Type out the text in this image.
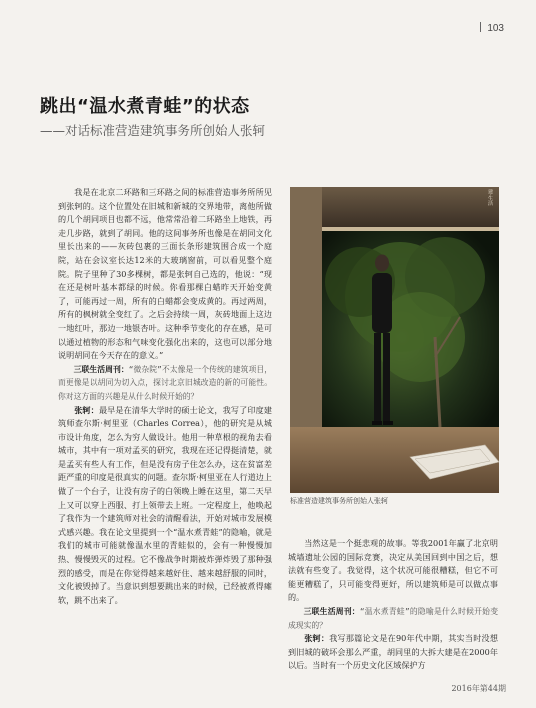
103
跳出“温水煮青蛙”的状态
——对话标准营造建筑事务所创始人张轲

我是在北京二环路和三环路之间的标准营造事务所所见到张轲的。这个位置处在旧城和新城的交界地带，离他所做的几个胡同项目也都不远，他常常沿着二环路坐上地铁，再走几步路，就到了胡同。他的这间事务所也像是在胡同文化里长出来的——灰砖包裹的三面长条形建筑围合成一个庭院，站在会议室长达12米的大玻璃窗前，可以看见整个庭院。院子里种了30多棵树，都是张轲自己选的，他说：“现在还是树叶基本都绿的时候。你看那棵白蜡昨天开始变黄了，可能再过一周，所有的白蜡都会变成黄的。再过两周，所有的枫树就全变红了。之后会持续一周，灰砖地面上这边一地红叶，那边一地银杏叶。这种季节变化的存在感，是可以通过植物的形态和气味变化强化出来的，这也可以部分地说明胡同在今天存在的意义。”

三联生活周刊：“微杂院”不太像是一个传统的建筑项目，而更像是以胡同为切入点，探讨北京旧城改造的新的可能性。你对这方面的兴趣是从什么时候开始的？

张轲：最早是在清华大学时的硕士论文，我写了印度建筑师查尔斯·柯里亚（Charles Correa），他的研究是从城市设计角度，怎么为穷人做设计。他用一种草根的视角去看城市，其中有一项对孟买的研究，我现在还记得挺清楚，就是孟买有些人有工作，但是没有房子住怎么办，这在贫富差距严重的印度是很真实的问题。查尔斯·柯里亚在人行道边上做了一个台子，让没有房子的白领晚上睡在这里，第二天早上又可以穿上西服、打上领带去上班。一定程度上，他唤起了我作为一个建筑师对社会的清醒看法，开始对城市发展模式感兴趣。我在论文里提到一个“温水煮青蛙”的隐喻，就是我们的城市可能就像温水里的青蛙似的，会有一种慢慢加热、慢慢毁灭的过程。它不像战争时期被炸弹炸毁了那种强烈的感受，而是在你觉得越来越好住、越来越舒服的同时，文化被毁掉了。当意识到想要跳出来的时候，已经被煮得瘫软，跳不出来了。

建·生活
标准营造建筑事务所创始人张轲

当然这是一个挺悲观的故事。等我2001年赢了北京明城墙遗址公园的国际竞赛，决定从美国回到中国之后，想法就有些变了。我觉得，这个状况可能很糟糕，但它不可能更糟糕了，只可能变得更好，所以建筑师是可以做点事的。

三联生活周刊：“温水煮青蛙”的隐喻是什么时候开始变成现实的？

张轲：我写那篇论文是在90年代中期，其实当时没想到旧城的破坏会那么严重，胡同里的大拆大建是在2000年以后。当时有一个历史文化区域保护方

2016年第44期
